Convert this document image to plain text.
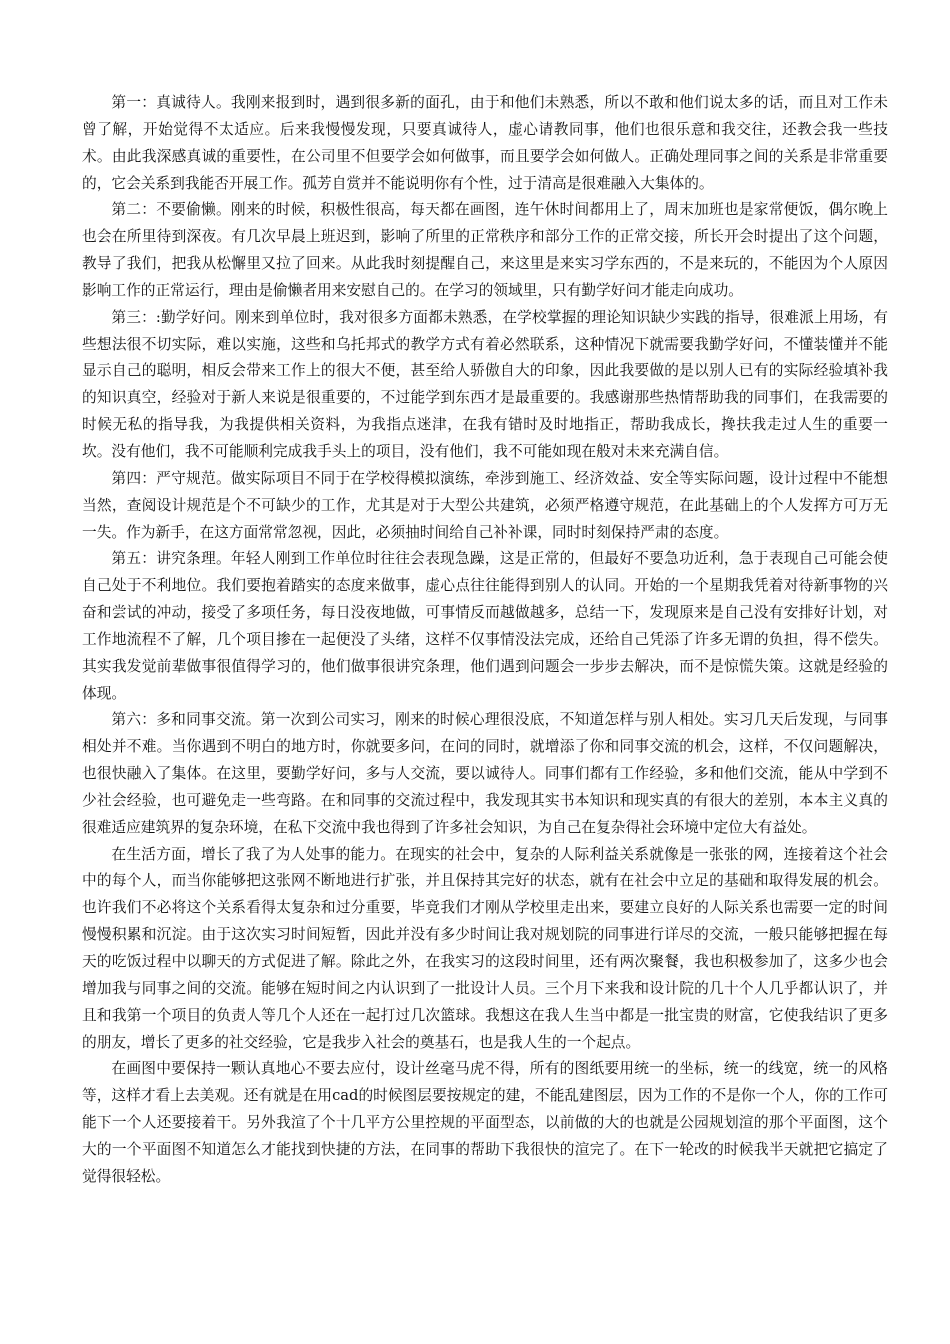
第一：真诚待人。我刚来报到时，遇到很多新的面孔，由于和他们未熟悉，所以不敢和他们说太多的话，而且对工作未曾了解，开始觉得不太适应。后来我慢慢发现，只要真诚待人，虚心请教同事，他们也很乐意和我交往，还教会我一些技术。由此我深感真诚的重要性，在公司里不但要学会如何做事，而且要学会如何做人。正确处理同事之间的关系是非常重要的，它会关系到我能否开展工作。孤芳自赏并不能说明你有个性，过于清高是很难融入大集体的。

第二：不要偷懒。刚来的时候，积极性很高，每天都在画图，连午休时间都用上了，周末加班也是家常便饭，偶尔晚上也会在所里待到深夜。有几次早晨上班迟到，影响了所里的正常秩序和部分工作的正常交接，所长开会时提出了这个问题，教导了我们，把我从松懈里又拉了回来。从此我时刻提醒自己，来这里是来实习学东西的，不是来玩的，不能因为个人原因影响工作的正常运行，理由是偷懒者用来安慰自己的。在学习的领域里，只有勤学好问才能走向成功。

第三：:勤学好问。刚来到单位时，我对很多方面都未熟悉，在学校掌握的理论知识缺少实践的指导，很难派上用场，有些想法很不切实际，难以实施，这些和乌托邦式的教学方式有着必然联系，这种情况下就需要我勤学好问，不懂装懂并不能显示自己的聪明，相反会带来工作上的很大不便，甚至给人骄傲自大的印象，因此我要做的是以别人已有的实际经验填补我的知识真空，经验对于新人来说是很重要的，不过能学到东西才是最重要的。我感谢那些热情帮助我的同事们，在我需要的时候无私的指导我，为我提供相关资料，为我指点迷津，在我有错时及时地指正，帮助我成长，搀扶我走过人生的重要一坎。没有他们，我不可能顺利完成我手头上的项目，没有他们，我不可能如现在般对未来充满自信。

第四：严守规范。做实际项目不同于在学校得模拟演练，牵涉到施工、经济效益、安全等实际问题，设计过程中不能想当然，查阅设计规范是个不可缺少的工作，尤其是对于大型公共建筑，必须严格遵守规范，在此基础上的个人发挥方可万无一失。作为新手，在这方面常常忽视，因此，必须抽时间给自己补补课，同时时刻保持严肃的态度。

第五：讲究条理。年轻人刚到工作单位时往往会表现急躁，这是正常的，但最好不要急功近利，急于表现自己可能会使自己处于不利地位。我们要抱着踏实的态度来做事，虚心点往往能得到别人的认同。开始的一个星期我凭着对待新事物的兴奋和尝试的冲动，接受了多项任务，每日没夜地做，可事情反而越做越多，总结一下，发现原来是自己没有安排好计划，对工作地流程不了解，几个项目掺在一起便没了头绪，这样不仅事情没法完成，还给自己凭添了许多无谓的负担，得不偿失。其实我发觉前辈做事很值得学习的，他们做事很讲究条理，他们遇到问题会一步步去解决，而不是惊慌失策。这就是经验的体现。

第六：多和同事交流。第一次到公司实习，刚来的时候心理很没底，不知道怎样与别人相处。实习几天后发现，与同事相处并不难。当你遇到不明白的地方时，你就要多问，在问的同时，就增添了你和同事交流的机会，这样，不仅问题解决，也很快融入了集体。在这里，要勤学好问，多与人交流，要以诚待人。同事们都有工作经验，多和他们交流，能从中学到不少社会经验，也可避免走一些弯路。在和同事的交流过程中，我发现其实书本知识和现实真的有很大的差别，本本主义真的很难适应建筑界的复杂环境，在私下交流中我也得到了许多社会知识，为自己在复杂得社会环境中定位大有益处。

在生活方面，增长了我了为人处事的能力。在现实的社会中，复杂的人际利益关系就像是一张张的网，连接着这个社会中的每个人，而当你能够把这张网不断地进行扩张，并且保持其完好的状态，就有在社会中立足的基础和取得发展的机会。也许我们不必将这个关系看得太复杂和过分重要，毕竟我们才刚从学校里走出来，要建立良好的人际关系也需要一定的时间慢慢积累和沉淀。由于这次实习时间短暂，因此并没有多少时间让我对规划院的同事进行详尽的交流，一般只能够把握在每天的吃饭过程中以聊天的方式促进了解。除此之外，在我实习的这段时间里，还有两次聚餐，我也积极参加了，这多少也会增加我与同事之间的交流。能够在短时间之内认识到了一批设计人员。三个月下来我和设计院的几十个人几乎都认识了，并且和我第一个项目的负责人等几个人还在一起打过几次篮球。我想这在我人生当中都是一批宝贵的财富，它使我结识了更多的朋友，增长了更多的社交经验，它是我步入社会的奠基石，也是我人生的一个起点。

在画图中要保持一颗认真地心不要去应付，设计丝毫马虎不得，所有的图纸要用统一的坐标，统一的线宽，统一的风格等，这样才看上去美观。还有就是在用cad的时候图层要按规定的建，不能乱建图层，因为工作的不是你一个人，你的工作可能下一个人还要接着干。另外我渲了个十几平方公里控规的平面型态，以前做的大的也就是公园规划渲的那个平面图，这个大的一个平面图不知道怎么才能找到快捷的方法，在同事的帮助下我很快的渲完了。在下一轮改的时候我半天就把它搞定了觉得很轻松。
